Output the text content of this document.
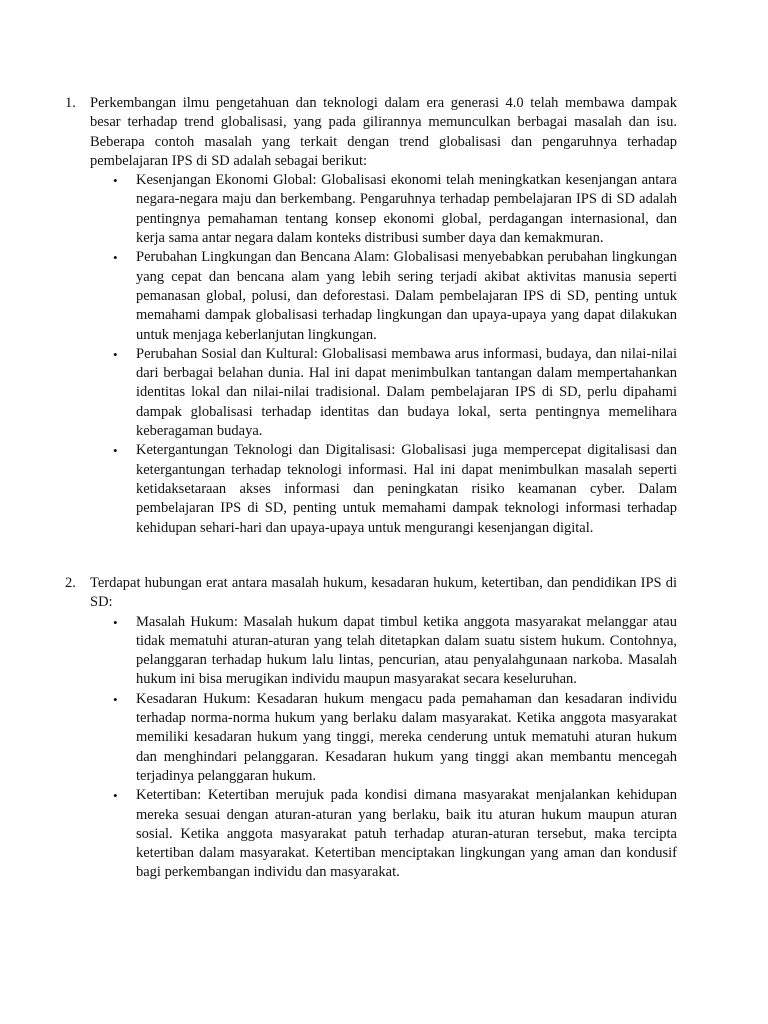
1. Perkembangan ilmu pengetahuan dan teknologi dalam era generasi 4.0 telah membawa dampak besar terhadap trend globalisasi, yang pada gilirannya memunculkan berbagai masalah dan isu. Beberapa contoh masalah yang terkait dengan trend globalisasi dan pengaruhnya terhadap pembelajaran IPS di SD adalah sebagai berikut:

• Kesenjangan Ekonomi Global: Globalisasi ekonomi telah meningkatkan kesenjangan antara negara-negara maju dan berkembang. Pengaruhnya terhadap pembelajaran IPS di SD adalah pentingnya pemahaman tentang konsep ekonomi global, perdagangan internasional, dan kerja sama antar negara dalam konteks distribusi sumber daya dan kemakmuran.
• Perubahan Lingkungan dan Bencana Alam: Globalisasi menyebabkan perubahan lingkungan yang cepat dan bencana alam yang lebih sering terjadi akibat aktivitas manusia seperti pemanasan global, polusi, dan deforestasi. Dalam pembelajaran IPS di SD, penting untuk memahami dampak globalisasi terhadap lingkungan dan upaya-upaya yang dapat dilakukan untuk menjaga keberlanjutan lingkungan.
• Perubahan Sosial dan Kultural: Globalisasi membawa arus informasi, budaya, dan nilai-nilai dari berbagai belahan dunia. Hal ini dapat menimbulkan tantangan dalam mempertahankan identitas lokal dan nilai-nilai tradisional. Dalam pembelajaran IPS di SD, perlu dipahami dampak globalisasi terhadap identitas dan budaya lokal, serta pentingnya memelihara keberagaman budaya.
• Ketergantungan Teknologi dan Digitalisasi: Globalisasi juga mempercepat digitalisasi dan ketergantungan terhadap teknologi informasi. Hal ini dapat menimbulkan masalah seperti ketidaksetaraan akses informasi dan peningkatan risiko keamanan cyber. Dalam pembelajaran IPS di SD, penting untuk memahami dampak teknologi informasi terhadap kehidupan sehari-hari dan upaya-upaya untuk mengurangi kesenjangan digital.
2. Terdapat hubungan erat antara masalah hukum, kesadaran hukum, ketertiban, dan pendidikan IPS di SD:

• Masalah Hukum: Masalah hukum dapat timbul ketika anggota masyarakat melanggar atau tidak mematuhi aturan-aturan yang telah ditetapkan dalam suatu sistem hukum. Contohnya, pelanggaran terhadap hukum lalu lintas, pencurian, atau penyalahgunaan narkoba. Masalah hukum ini bisa merugikan individu maupun masyarakat secara keseluruhan.
• Kesadaran Hukum: Kesadaran hukum mengacu pada pemahaman dan kesadaran individu terhadap norma-norma hukum yang berlaku dalam masyarakat. Ketika anggota masyarakat memiliki kesadaran hukum yang tinggi, mereka cenderung untuk mematuhi aturan hukum dan menghindari pelanggaran. Kesadaran hukum yang tinggi akan membantu mencegah terjadinya pelanggaran hukum.
• Ketertiban: Ketertiban merujuk pada kondisi dimana masyarakat menjalankan kehidupan mereka sesuai dengan aturan-aturan yang berlaku, baik itu aturan hukum maupun aturan sosial. Ketika anggota masyarakat patuh terhadap aturan-aturan tersebut, maka tercipta ketertiban dalam masyarakat. Ketertiban menciptakan lingkungan yang aman dan kondusif bagi perkembangan individu dan masyarakat.
